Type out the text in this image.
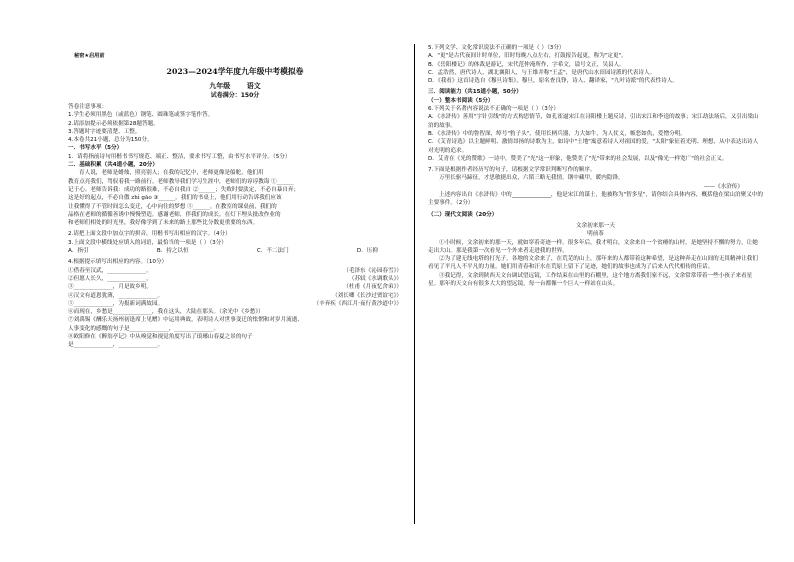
秘密★启用前
2023—2024学年度九年级中考模拟卷
九年级 语文
试卷满分：150分

答卷注意事项：

1.学生必须用黑色（或蓝色）钢笔、圆珠笔或签字笔作答。

2.请添加提示必须依据第28题答题。

3.答题时字迹要清楚、工整。

4.本卷共21小题，总分为150分。

一．书写水平（5分）

1．请将指前诗句用楷书书写规范、端正、整洁，要求书写工整，由书写水平评分。（5分）

二．基础积累（共4道小题，20分）

育人说，老师是蜡烛，照亮别人；在我的记忆中，老师更像是船舵，他们用

教育点亮我们，驾驭着我一路前行。老师教导我们学习生涯中，老师们的谆谆教诲 ①______

记于心。老师告诉我：成功的路很难，不必自我自 ②______；失败时要淡定，不必自暴自弃；

这是好的起点，不必自傲 zhì gāo ③______。我们的书桌上，他们用行动告诉我们应该

让我懂得了不管时间怎么变迁，心中向往的梦想 ⑤______。在教室的课桌前，我们的

品格在老师的循循善诱中慢慢塑造。感谢老师，伴我们的成长。在灯下埋头批改作业的

和老师们相处的时光里，我好像学到了未来的路上那些比分数更重要的东西。

2.请把上面文段中加点字的拼音，用楷书写出相应的汉字。（4分）

3.上面文段中横线处应填入的词语，最恰当的一项是（ ）（3分）

A．指引	B．持之以恒	C．不二法门	D．压抑

4.根据提示填写出相应的内容。（10分）

①借春至汉武，______________。	（毛泽东《沁园春雪》）
②但愿人长久，______________。	（苏轼《水调歌头》）
③______________，月是故乡明。	（杜甫《月夜忆舍弟》）
④汉文有道恩犹薄，______________。	（刘长卿《长沙过贾谊宅》）
⑤______________，为报新词满故园。	（辛弃疾《西江月·夜行黄沙道中》）

⑥而现在，乡愁是______________，我在这头，大陆在那头。（余光中《乡愁》）

⑦刘禹锡《酬乐天扬州初逢席上见赠》中运用典故，表明诗人对世事变迁的怅惘和对岁月流逝、

人事变化的感慨的句子是______________，______________。

⑧欧阳修在《醉翁亭记》中从嗅觉和视觉角度写出了琅琊山春夏之景的句子

是______________，______________。

5.下列文学、文化常识说法不正确的一项是（ ）（3分）

A．"更"是古代夜间计时单位，旧时每晚八点左右，打鼓报告起更，称为"定更"。

B．《岳阳楼记》的体裁是游记，宋代范仲淹所作，字希文，谥号文正，吴县人。

C．孟浩然，唐代诗人，湖北襄阳人，与王维并称"王孟"，是唐代山水田园诗派的代表诗人。

D．《我看》这首诗选自《穆旦诗集》，穆旦，原名查良铮，诗人、翻译家，"九叶诗派"的代表性诗人。

三．阅读能力（共15道小题，50分）

（一）整本书阅读（5分）

6.下列关于名著内容说法不正确的一项是（ ）（3分）

A．《水浒传》善用"字针引线"的方式构思情节，如孔雀逼宋江在浔阳楼上题反诗，引出宋江和李逵的故事；宋江劫法场后，又引出梁山泊的故事。

B．《水浒传》中的鲁智深，绰号"豹子头"，使用长柄兵器，力大如牛，为人仗义，嫉恶如仇，爱憎分明。

C．《艾青诗选》以主题鲜明、激情昂扬的诗歌为主，如诗中"土地"寓意着诗人对祖国的爱，"太阳"象征着光明、理想，从中表达出诗人对光明的追求。

D．艾青在《光的赞歌》一诗中，赞美了"光"这一形象，他赞美了"光"带来的社会发展，以及"像光一样宽广"的社会正义。

7.下面是根据作者经历写的句子，请根据文学常识判断写作的顺序。

万里长驱马蹄征，才思敏捷出众，六韬三略无我情。钢中藏甲，暖内隐锋。

——《水浒传》

上述内容出自《水浒传》中的______________，他是宋江的谋士，他被称为"智多星"，请你结合具体内容，概括他在梁山泊聚义中的主要事件。（2分）

（二）现代文阅读（20分）

文余初来那一天

明前茶

①小时候，文余初来的那一天，就如穿着奇迹一样。很多年后，我才明白，文余来自一个贫瘠的山村，是她坚持不懈的努力，让她走出大山。那是我第一次看见一个外来者走进我的世界。

②为了建无线电塔的打光子，各地的文余来了，在荒芜的山上，那年来的人都带着这种希望，是这种奔走在山间的无畏精神让我们看见了平凡人不平凡的力量。她们用青春和汗水在荒原上留下了足迹，她们的故事也成为了后来人代代相传的佳话。

③我记得，文余到陕西天文台调试望远镜，工作结束在山里的石棚里，这个地方离我们家不远，文余常常带着一些小孩子来看星星。那年的天文台有很多大大的望远镜，每一台都像一个巨人一样站在山头。
